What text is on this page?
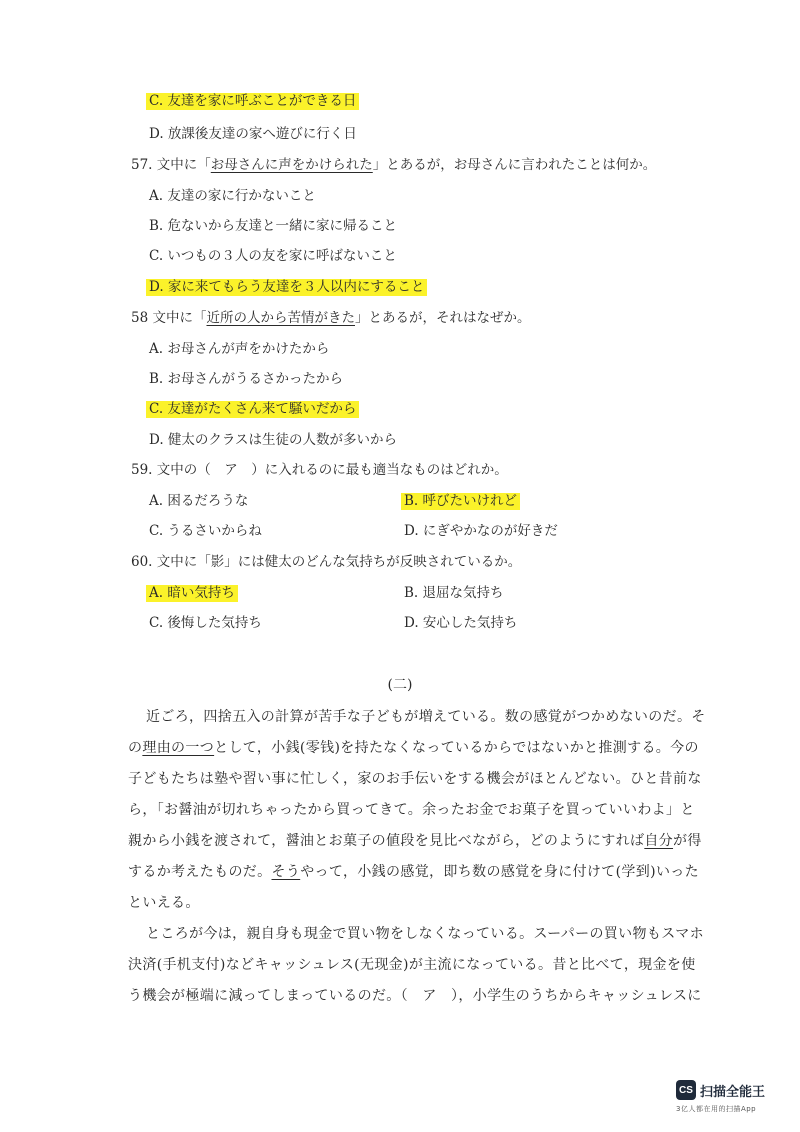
C. 友達を家に呼ぶことができる日
D. 放課後友達の家へ遊びに行く日
57. 文中に「お母さんに声をかけられた」とあるが，お母さんに言われたことは何か。
A. 友達の家に行かないこと
B. 危ないから友達と一緒に家に帰ること
C. いつもの３人の友を家に呼ばないこと
D. 家に来てもらう友達を３人以内にすること
58 文中に「近所の人から苦情がきた」とあるが，それはなぜか。
A. お母さんが声をかけたから
B. お母さんがうるさかったから
C. 友達がたくさん来て騒いだから
D. 健太のクラスは生徒の人数が多いから
59. 文中の（　ア　）に入れるのに最も適当なものはどれか。
A. 困るだろうな	B. 呼びたいけれど
C. うるさいからね	D. にぎやかなのが好きだ
60. 文中に「影」には健太のどんな気持ちが反映されているか。
A. 暗い気持ち	B. 退屈な気持ち
C. 後悔した気持ち	D. 安心した気持ち
(二)
近ごろ，四捨五入の計算が苦手な子どもが増えている。数の感覚がつかめないのだ。そ
の理由の一つとして，小銭(零钱)を持たなくなっているからではないかと推測する。今の
子どもたちは塾や習い事に忙しく，家のお手伝いをする機会がほとんどない。ひと昔前な
ら，「お醤油が切れちゃったから買ってきて。余ったお金でお菓子を買っていいわよ」と
親から小銭を渡されて，醤油とお菓子の値段を見比べながら，どのようにすれば自分が得
するか考えたものだ。そうやって，小銭の感覚，即ち数の感覚を身に付けて(学到)いった
といえる。
ところが今は，親自身も現金で買い物をしなくなっている。スーパーの買い物もスマホ
決済(手机支付)などキャッシュレス(无现金)が主流になっている。昔と比べて，現金を使
う機会が極端に減ってしまっているのだ。（　ア　），小学生のうちからキャッシュレスに
CS 扫描全能王
3亿人都在用的扫描App
